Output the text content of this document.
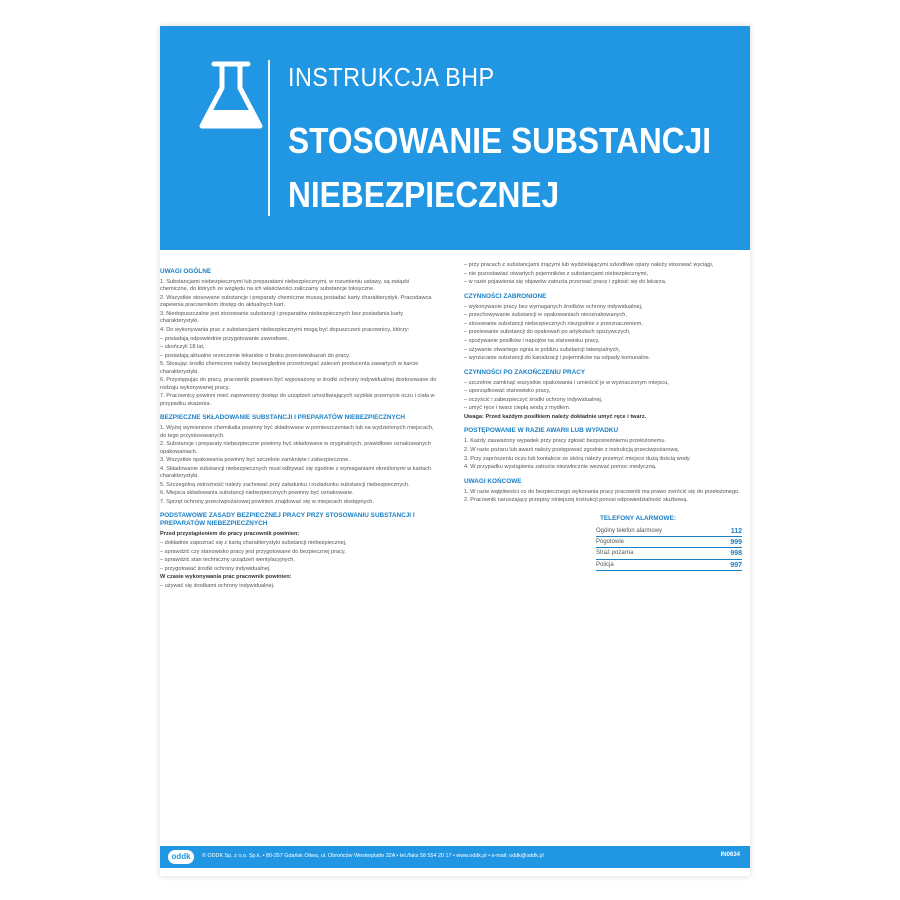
INSTRUKCJA BHP
STOSOWANIE SUBSTANCJI
NIEBEZPIECZNEJ
UWAGI OGÓLNE
1. Substancjami niebezpiecznymi lub preparatami niebezpiecznymi, w rozumieniu ustawy, są związki chemiczne, do których ze względu na ich właściwości zaliczamy substancje toksyczne.
2. Wszystkie stosowane substancje i preparaty chemiczne muszą posiadać karty charakterystyk. Pracodawca zapewnia pracownikom dostęp do aktualnych kart.
3. Niedopuszczalne jest stosowanie substancji i preparatów niebezpiecznych bez posiadania karty charakterystyki.
4. Do wykonywania prac z substancjami niebezpiecznymi mogą być dopuszczeni pracownicy, którzy:
– posiadają odpowiednie przygotowanie zawodowe,
– ukończyli 18 lat,
– posiadają aktualne orzeczenie lekarskie o braku przeciwwskazań do pracy.
5. Stosując środki chemiczne należy bezwzględnie przestrzegać zaleceń producenta zawartych w karcie charakterystyki.
6. Przystępując do pracy, pracownik powinien być wyposażony w środki ochrony indywidualnej dostosowane do rodzaju wykonywanej pracy.
7. Pracownicy powinni mieć zapewniony dostęp do urządzeń umożliwiających szybkie przemycie oczu i ciała w przypadku skażenia.
BEZPIECZNE SKŁADOWANIE SUBSTANCJI I PREPARATÓW NIEBEZPIECZNYCH
1. Wyżej wymienione chemikalia powinny być składowane w pomieszczeniach lub na wydzielonych miejscach, do tego przystosowanych.
2. Substancje i preparaty niebezpieczne powinny być składowane w oryginalnych, prawidłowo oznakowanych opakowaniach.
3. Wszystkie opakowania powinny być szczelnie zamknięte i zabezpieczone.
4. Składowanie substancji niebezpiecznych musi odbywać się zgodnie z wymaganiami określonymi w kartach charakterystyki.
5. Szczególną ostrożność należy zachować przy załadunku i rozładunku substancji niebezpiecznych.
6. Miejsca składowania substancji niebezpiecznych powinny być oznakowane.
7. Sprzęt ochrony przeciwpożarowej powinien znajdować się w miejscach dostępnych.
PODSTAWOWE ZASADY BEZPIECZNEJ PRACY PRZY STOSOWANIU SUBSTANCJI I PREPARATÓW NIEBEZPIECZNYCH
Przed przystąpieniem do pracy pracownik powinien:
– dokładnie zapoznać się z kartą charakterystyki substancji niebezpiecznej,
– sprawdzić czy stanowisko pracy jest przygotowane do bezpiecznej pracy,
– sprawdzić stan techniczny urządzeń wentylacyjnych,
– przygotować środki ochrony indywidualnej.
W czasie wykonywania prac pracownik powinien:
– używać się środkami ochrony indywidualnej.
– przy pracach z substancjami żrącymi lub wydzielającymi szkodliwe opary należy stosować wyciągi,
– nie pozostawiać otwartych pojemników z substancjami niebezpiecznymi,
– w razie pojawienia się objawów zatrucia przerwać pracę i zgłosić się do lekarza.
CZYNNOŚCI ZABRONIONE
– wykonywanie pracy bez wymaganych środków ochrony indywidualnej,
– przechowywanie substancji w opakowaniach nieoznakowanych,
– stosowanie substancji niebezpiecznych niezgodnie z przeznaczeniem,
– przelewanie substancji do opakowań po artykułach spożywczych,
– spożywanie posiłków i napojów na stanowisku pracy,
– używanie otwartego ognia w pobliżu substancji łatwopalnych,
– wyrzucanie substancji do kanalizacji i pojemników na odpady komunalne.
CZYNNOŚCI PO ZAKOŃCZENIU PRACY
– szczelnie zamknąć wszystkie opakowania i umieścić je w wyznaczonym miejscu,
– uporządkować stanowisko pracy,
– oczyścić i zabezpieczyć środki ochrony indywidualnej,
– umyć ręce i twarz ciepłą wodą z mydłem.
Uwaga: Przed każdym posiłkiem należy dokładnie umyć ręce i twarz.
POSTĘPOWANIE W RAZIE AWARII LUB WYPADKU
1. Każdy zauważony wypadek przy pracy zgłosić bezpośredniemu przełożonemu.
2. W razie pożaru lub awarii należy postępować zgodnie z instrukcją przeciwpożarową.
3. Przy zaprószeniu oczu lub kontakcie ze skórą należy przemyć miejsce dużą ilością wody.
4. W przypadku wystąpienia zatrucia niezwłocznie wezwać pomoc medyczną.
UWAGI KOŃCOWE
1. W razie wątpliwości co do bezpiecznego wykonania pracy pracownik ma prawo zwrócić się do przełożonego.
2. Pracownik naruszający przepisy niniejszej instrukcji ponosi odpowiedzialność służbową.
TELEFONY ALARMOWE:
Ogólny telefon alarmowy	112
Pogotowie	999
Straż pożarna	998
Policja	997
oddk	© ODDK Sp. z o.o. Sp.k. • 80-357 Gdańsk Oliwa, ul. Obrońców Westerplatte 32A • tel./faks 58 554 20 17 • www.oddk.pl • e-mail: oddk@oddk.pl	IN0634
